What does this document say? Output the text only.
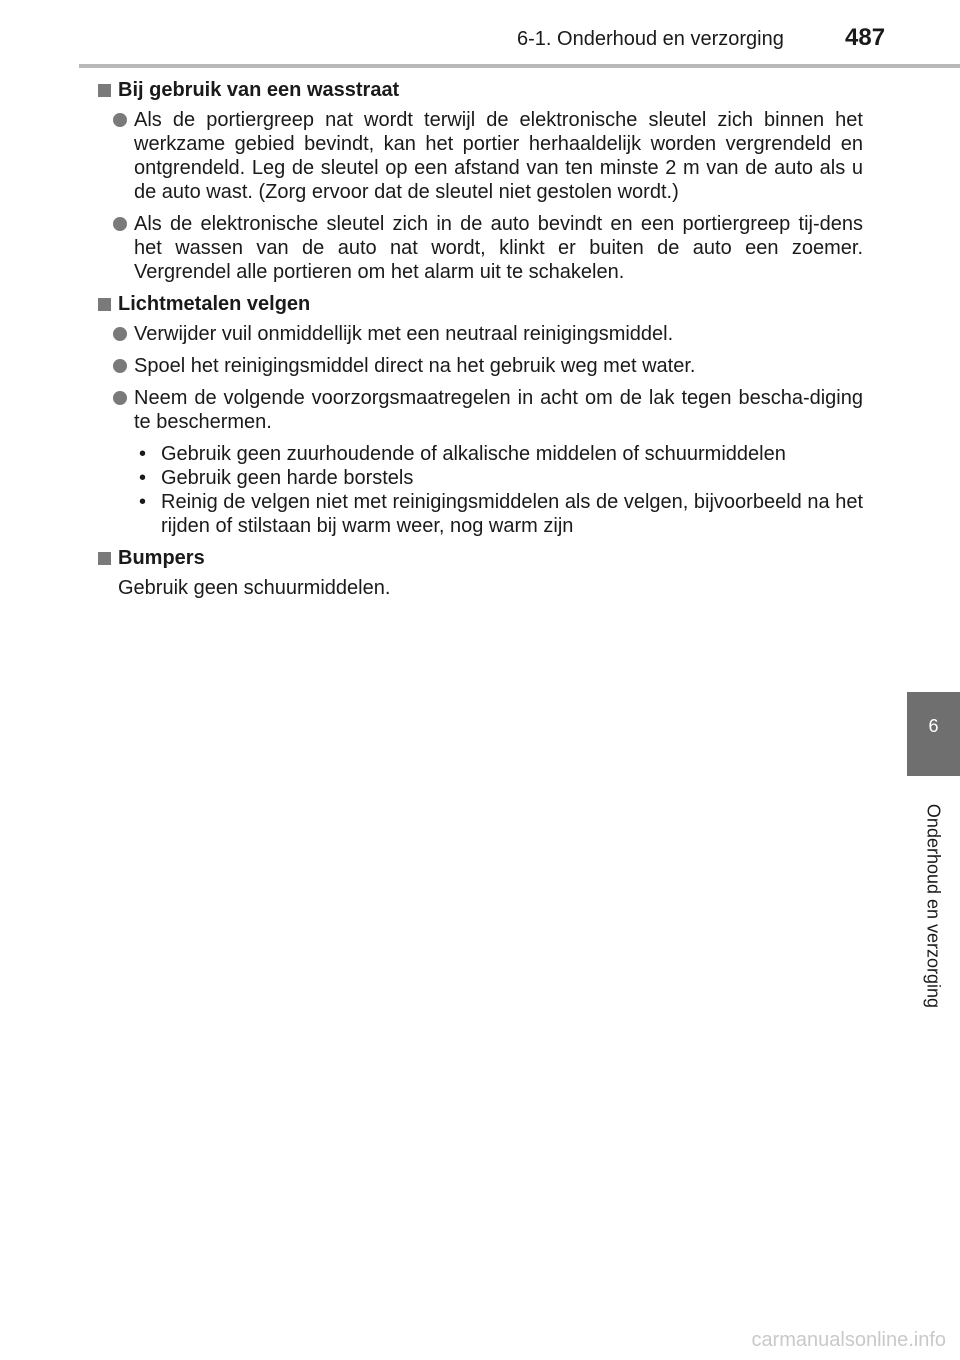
6-1. Onderhoud en verzorging	487
Bij gebruik van een wasstraat
Als de portiergreep nat wordt terwijl de elektronische sleutel zich binnen het werkzame gebied bevindt, kan het portier herhaaldelijk worden vergrendeld en ontgrendeld. Leg de sleutel op een afstand van ten minste 2 m van de auto als u de auto wast. (Zorg ervoor dat de sleutel niet gestolen wordt.)
Als de elektronische sleutel zich in de auto bevindt en een portiergreep tij-dens het wassen van de auto nat wordt, klinkt er buiten de auto een zoemer. Vergrendel alle portieren om het alarm uit te schakelen.
Lichtmetalen velgen
Verwijder vuil onmiddellijk met een neutraal reinigingsmiddel.
Spoel het reinigingsmiddel direct na het gebruik weg met water.
Neem de volgende voorzorgsmaatregelen in acht om de lak tegen bescha-diging te beschermen.
• Gebruik geen zuurhoudende of alkalische middelen of schuurmiddelen
• Gebruik geen harde borstels
• Reinig de velgen niet met reinigingsmiddelen als de velgen, bijvoorbeeld na het rijden of stilstaan bij warm weer, nog warm zijn
Bumpers
Gebruik geen schuurmiddelen.
6
Onderhoud en verzorging
carmanualsonline.info
